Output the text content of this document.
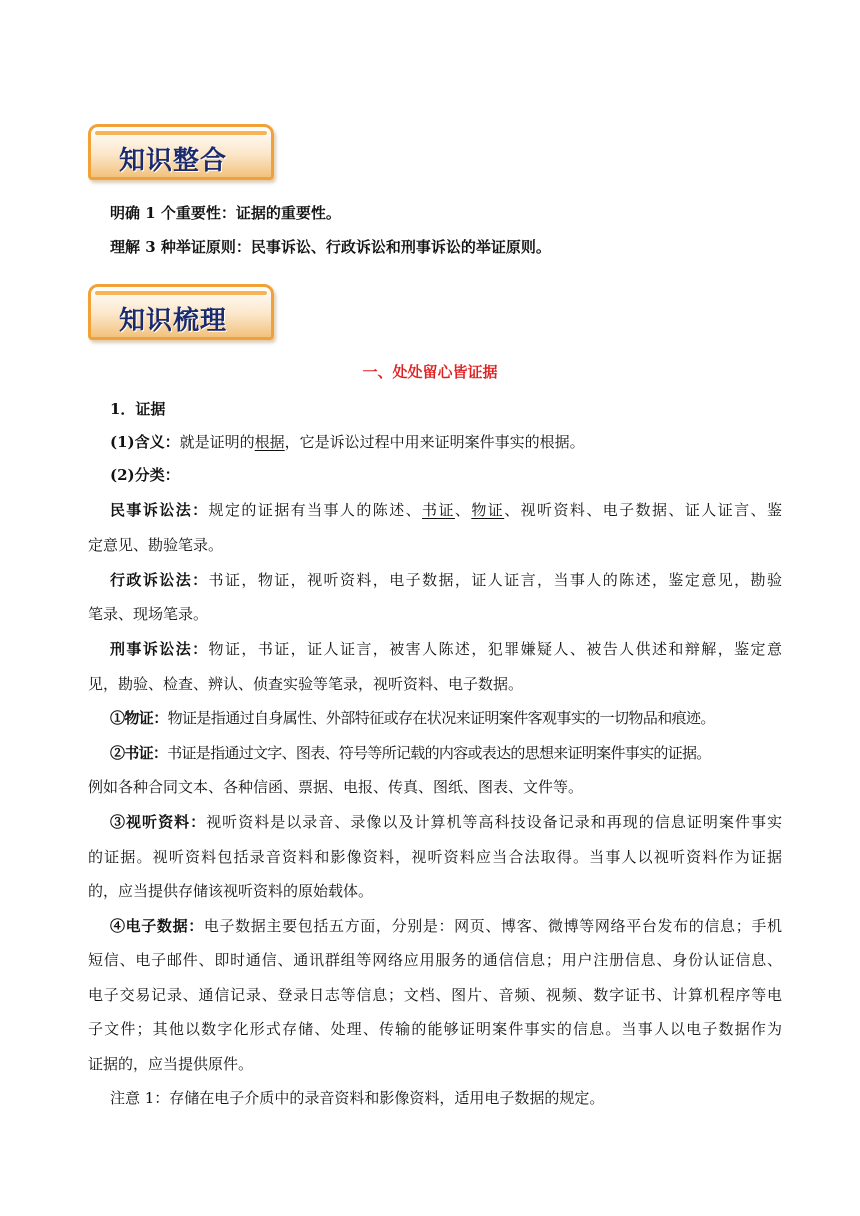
知识整合
明确 1 个重要性：证据的重要性。
理解 3 种举证原则：民事诉讼、行政诉讼和刑事诉讼的举证原则。
知识梳理
一、处处留心皆证据
1．证据
(1)含义：就是证明的根据，它是诉讼过程中用来证明案件事实的根据。
(2)分类：
民事诉讼法：规定的证据有当事人的陈述、书证、物证、视听资料、电子数据、证人证言、鉴
定意见、勘验笔录。
行政诉讼法：书证，物证，视听资料，电子数据，证人证言，当事人的陈述，鉴定意见，勘验
笔录、现场笔录。
刑事诉讼法：物证，书证，证人证言，被害人陈述，犯罪嫌疑人、被告人供述和辩解，鉴定意
见，勘验、检查、辨认、侦查实验等笔录，视听资料、电子数据。
①物证：物证是指通过自身属性、外部特征或存在状况来证明案件客观事实的一切物品和痕迹。
②书证：书证是指通过文字、图表、符号等所记载的内容或表达的思想来证明案件事实的证据。
例如各种合同文本、各种信函、票据、电报、传真、图纸、图表、文件等。
③视听资料：视听资料是以录音、录像以及计算机等高科技设备记录和再现的信息证明案件事实
的证据。视听资料包括录音资料和影像资料，视听资料应当合法取得。当事人以视听资料作为证据
的，应当提供存储该视听资料的原始载体。
④电子数据：电子数据主要包括五方面，分别是：网页、博客、微博等网络平台发布的信息；手机
短信、电子邮件、即时通信、通讯群组等网络应用服务的通信信息；用户注册信息、身份认证信息、
电子交易记录、通信记录、登录日志等信息；文档、图片、音频、视频、数字证书、计算机程序等电
子文件；其他以数字化形式存储、处理、传输的能够证明案件事实的信息。当事人以电子数据作为
证据的，应当提供原件。
注意 1：存储在电子介质中的录音资料和影像资料，适用电子数据的规定。
